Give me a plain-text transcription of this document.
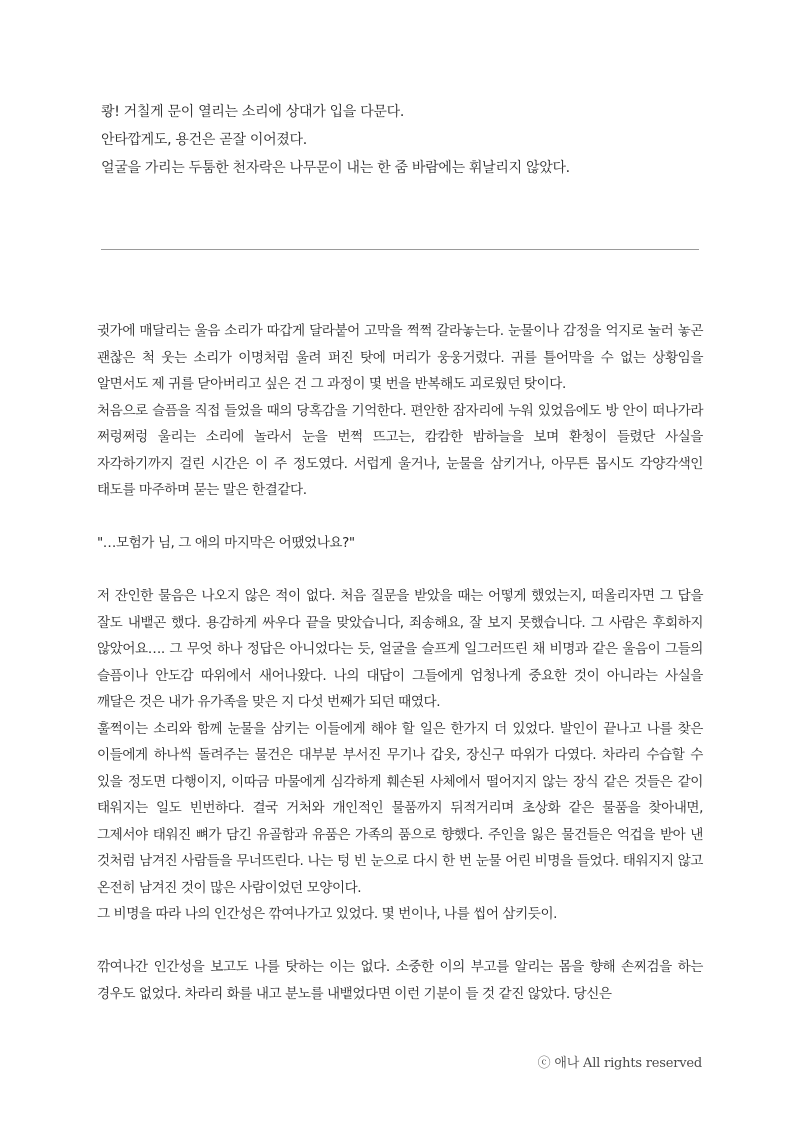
쾅! 거칠게 문이 열리는 소리에 상대가 입을 다문다.
안타깝게도, 용건은 곧잘 이어졌다.
얼굴을 가리는 두툼한 천자락은 나무문이 내는 한 줌 바람에는 휘날리지 않았다.

귓가에 매달리는 울음 소리가 따갑게 달라붙어 고막을 쩍쩍 갈라놓는다. 눈물이나 감정을 억지로 눌러 놓곤 괜찮은 척 웃는 소리가 이명처럼 울려 퍼진 탓에 머리가 웅웅거렸다. 귀를 틀어막을 수 없는 상황임을 알면서도 제 귀를 닫아버리고 싶은 건 그 과정이 몇 번을 반복해도 괴로웠던 탓이다.

처음으로 슬픔을 직접 들었을 때의 당혹감을 기억한다. 편안한 잠자리에 누워 있었음에도 방 안이 떠나가라 쩌렁쩌렁 울리는 소리에 놀라서 눈을 번쩍 뜨고는, 캄캄한 밤하늘을 보며 환청이 들렸단 사실을 자각하기까지 걸린 시간은 이 주 정도였다. 서럽게 울거나, 눈물을 삼키거나, 아무튼 몹시도 각양각색인 태도를 마주하며 묻는 말은 한결같다.

"…모험가 님, 그 애의 마지막은 어땠었나요?"

저 잔인한 물음은 나오지 않은 적이 없다. 처음 질문을 받았을 때는 어떻게 했었는지, 떠올리자면 그 답을 잘도 내뱉곤 했다. 용감하게 싸우다 끝을 맞았습니다, 죄송해요, 잘 보지 못했습니다. 그 사람은 후회하지 않았어요…. 그 무엇 하나 정답은 아니었다는 듯, 얼굴을 슬프게 일그러뜨린 채 비명과 같은 울음이 그들의 슬픔이나 안도감 따위에서 새어나왔다. 나의 대답이 그들에게 엄청나게 중요한 것이 아니라는 사실을 깨달은 것은 내가 유가족을 맞은 지 다섯 번째가 되던 때였다.

훌쩍이는 소리와 함께 눈물을 삼키는 이들에게 해야 할 일은 한가지 더 있었다. 발인이 끝나고 나를 찾은 이들에게 하나씩 돌려주는 물건은 대부분 부서진 무기나 갑옷, 장신구 따위가 다였다. 차라리 수습할 수 있을 정도면 다행이지, 이따금 마물에게 심각하게 훼손된 사체에서 떨어지지 않는 장식 같은 것들은 같이 태워지는 일도 빈번하다. 결국 거처와 개인적인 물품까지 뒤적거리며 초상화 같은 물품을 찾아내면, 그제서야 태워진 뼈가 담긴 유골함과 유품은 가족의 품으로 향했다. 주인을 잃은 물건들은 억겁을 받아 낸 것처럼 남겨진 사람들을 무너뜨린다. 나는 텅 빈 눈으로 다시 한 번 눈물 어린 비명을 들었다. 태워지지 않고 온전히 남겨진 것이 많은 사람이었던 모양이다.

그 비명을 따라 나의 인간성은 깎여나가고 있었다. 몇 번이나, 나를 씹어 삼키듯이.

깎여나간 인간성을 보고도 나를 탓하는 이는 없다. 소중한 이의 부고를 알리는 몸을 향해 손찌검을 하는 경우도 없었다. 차라리 화를 내고 분노를 내뱉었다면 이런 기분이 들 것 같진 않았다. 당신은

ⓒ 애나 All rights reserved
